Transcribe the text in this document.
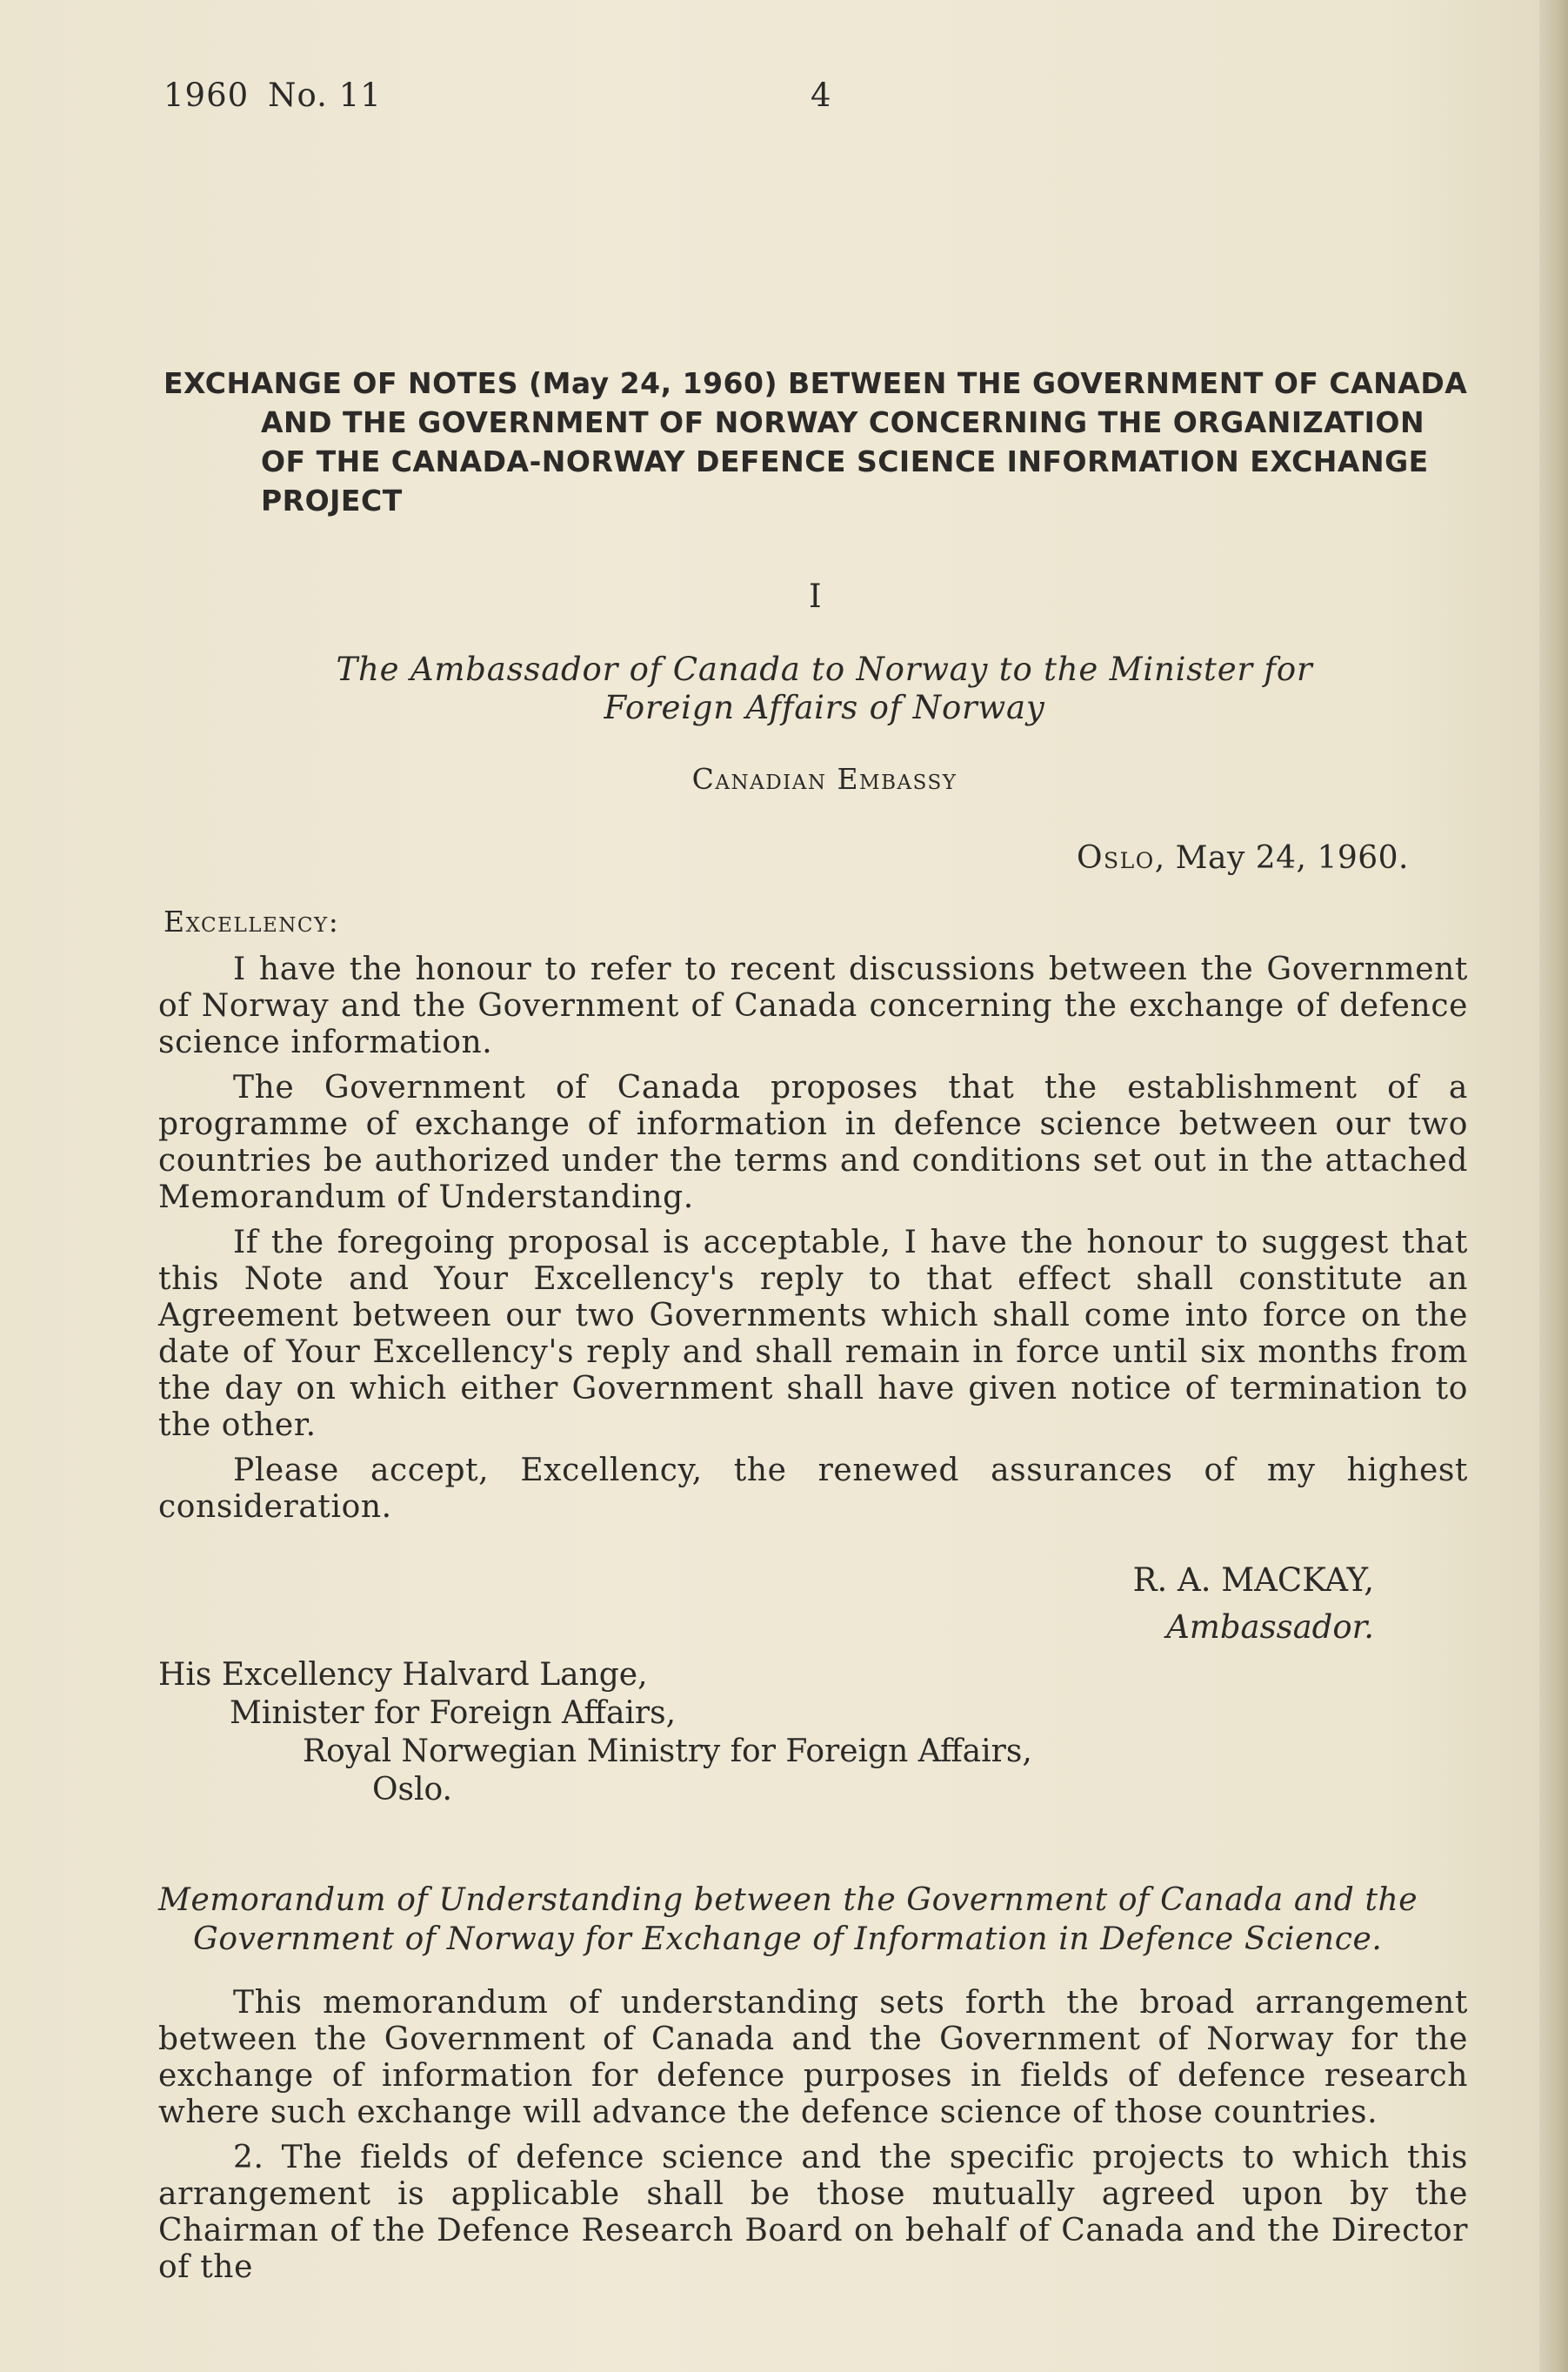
1960 No. 11	4
EXCHANGE OF NOTES (May 24, 1960) BETWEEN THE GOVERNMENT OF CANADA
AND THE GOVERNMENT OF NORWAY CONCERNING THE ORGANIZATION
OF THE CANADA-NORWAY DEFENCE SCIENCE INFORMATION EXCHANGE
PROJECT
I
The Ambassador of Canada to Norway to the Minister for
Foreign Affairs of Norway
Canadian Embassy
Oslo, May 24, 1960.
Excellency:

I have the honour to refer to recent discussions between the Government of Norway and the Government of Canada concerning the exchange of defence science information.

The Government of Canada proposes that the establishment of a programme of exchange of information in defence science between our two countries be authorized under the terms and conditions set out in the attached Memorandum of Understanding.

If the foregoing proposal is acceptable, I have the honour to suggest that this Note and Your Excellency's reply to that effect shall constitute an Agreement between our two Governments which shall come into force on the date of Your Excellency's reply and shall remain in force until six months from the day on which either Government shall have given notice of termination to the other.

Please accept, Excellency, the renewed assurances of my highest consideration.

R. A. MACKAY,
Ambassador.
His Excellency Halvard Lange,
Minister for Foreign Affairs,
Royal Norwegian Ministry for Foreign Affairs,
Oslo.
Memorandum of Understanding between the Government of Canada and the
Government of Norway for Exchange of Information in Defence Science.

This memorandum of understanding sets forth the broad arrangement between the Government of Canada and the Government of Norway for the exchange of information for defence purposes in fields of defence research where such exchange will advance the defence science of those countries.

2. The fields of defence science and the specific projects to which this arrangement is applicable shall be those mutually agreed upon by the Chairman of the Defence Research Board on behalf of Canada and the Director of the
